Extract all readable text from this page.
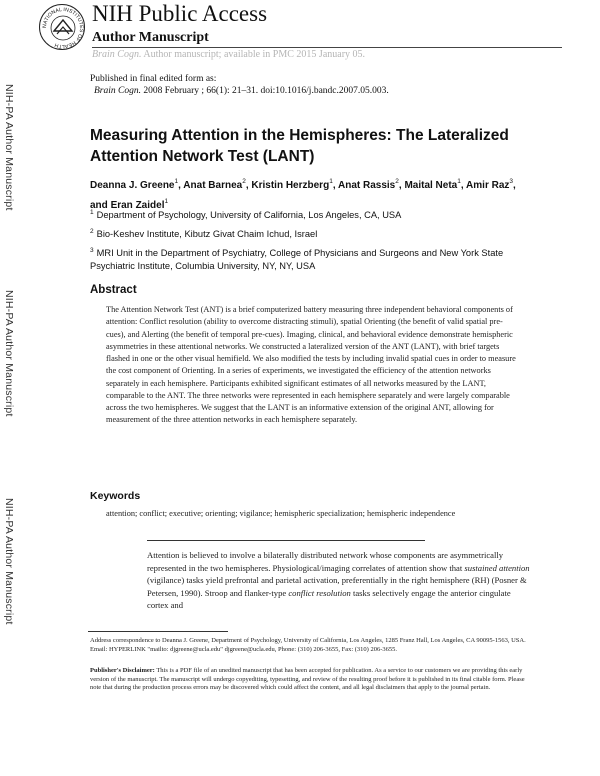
NATIONAL INSTITUTES OF HEALTH
NIH Public Access
Author Manuscript
Brain Cogn. Author manuscript; available in PMC 2015 January 05.
NIH-PA Author Manuscript
NIH-PA Author Manuscript
NIH-PA Author Manuscript
Published in final edited form as:
Brain Cogn. 2008 February ; 66(1): 21–31. doi:10.1016/j.bandc.2007.05.003.
Measuring Attention in the Hemispheres: The Lateralized Attention Network Test (LANT)
Deanna J. Greene$^1$, Anat Barnea$^2$, Kristin Herzberg$^1$, Anat Rassis$^2$, Maital Neta$^1$, Amir Raz$^3$, and Eran Zaidel$^1$
$^1$ Department of Psychology, University of California, Los Angeles, CA, USA
$^2$ Bio-Keshev Institute, Kibutz Givat Chaim Ichud, Israel
$^3$ MRI Unit in the Department of Psychiatry, College of Physicians and Surgeons and New York State Psychiatric Institute, Columbia University, NY, NY, USA
Abstract
The Attention Network Test (ANT) is a brief computerized battery measuring three independent behavioral components of attention: Conflict resolution (ability to overcome distracting stimuli), spatial Orienting (the benefit of valid spatial pre-cues), and Alerting (the benefit of temporal pre-cues). Imaging, clinical, and behavioral evidence demonstrate hemispheric asymmetries in these attentional networks. We constructed a lateralized version of the ANT (LANT), with brief targets flashed in one or the other visual hemifield. We also modified the tests by including invalid spatial cues in order to measure the cost component of Orienting. In a series of experiments, we investigated the efficiency of the attention networks separately in each hemisphere. Participants exhibited significant estimates of all networks measured by the LANT, comparable to the ANT. The three networks were represented in each hemisphere separately and were largely comparable across the two hemispheres. We suggest that the LANT is an informative extension of the original ANT, allowing for measurement of the three attention networks in each hemisphere separately.
Keywords
attention; conflict; executive; orienting; vigilance; hemispheric specialization; hemispheric independence
Attention is believed to involve a bilaterally distributed network whose components are asymmetrically represented in the two hemispheres. Physiological/imaging correlates of attention show that sustained attention (vigilance) tasks yield prefrontal and parietal activation, preferentially in the right hemisphere (RH) (Posner & Petersen, 1990). Stroop and flanker-type conflict resolution tasks selectively engage the anterior cingulate cortex and
Address correspondence to Deanna J. Greene, Department of Psychology, University of California, Los Angeles, 1285 Franz Hall, Los Angeles, CA 90095-1563, USA. Email: HYPERLINK "mailto: djgreene@ucla.edu" djgreene@ucla.edu, Phone: (310) 206-3655, Fax: (310) 206-3655.
Publisher's Disclaimer: This is a PDF file of an unedited manuscript that has been accepted for publication. As a service to our customers we are providing this early version of the manuscript. The manuscript will undergo copyediting, typesetting, and review of the resulting proof before it is published in its final citable form. Please note that during the production process errors may be discovered which could affect the content, and all legal disclaimers that apply to the journal pertain.
